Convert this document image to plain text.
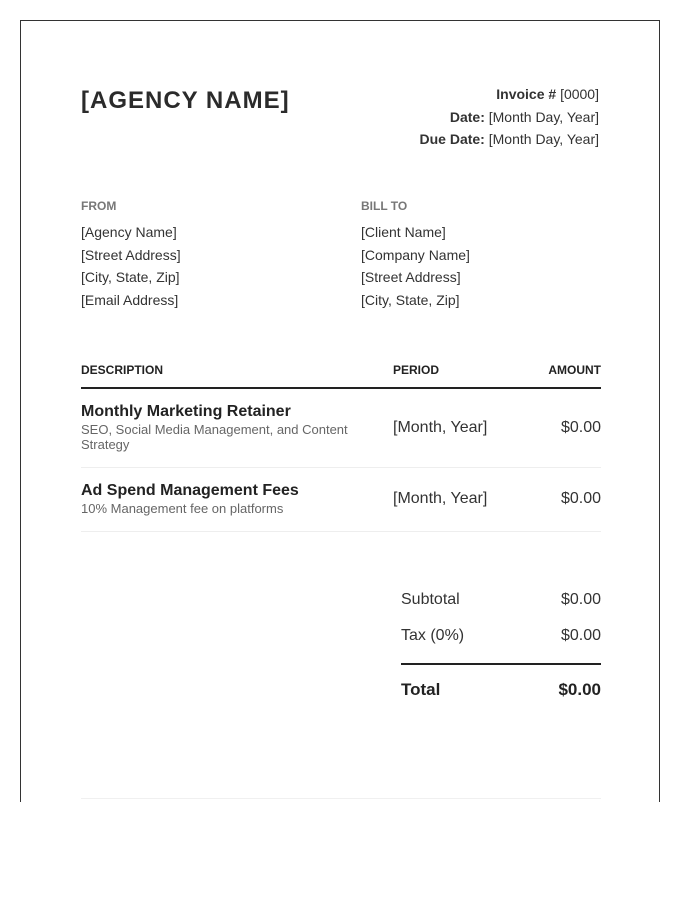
[AGENCY NAME]	Invoice # [0000]
Date: [Month Day, Year]
Due Date: [Month Day, Year]
FROM
[Agency Name]
[Street Address]
[City, State, Zip]
[Email Address]
BILL TO
[Client Name]
[Company Name]
[Street Address]
[City, State, Zip]
DESCRIPTION	PERIOD	AMOUNT
Monthly Marketing Retainer
SEO, Social Media Management, and Content Strategy
[Month, Year]	$0.00
Ad Spend Management Fees
10% Management fee on platforms
[Month, Year]	$0.00
Subtotal	$0.00
Tax (0%)	$0.00
Total	$0.00
